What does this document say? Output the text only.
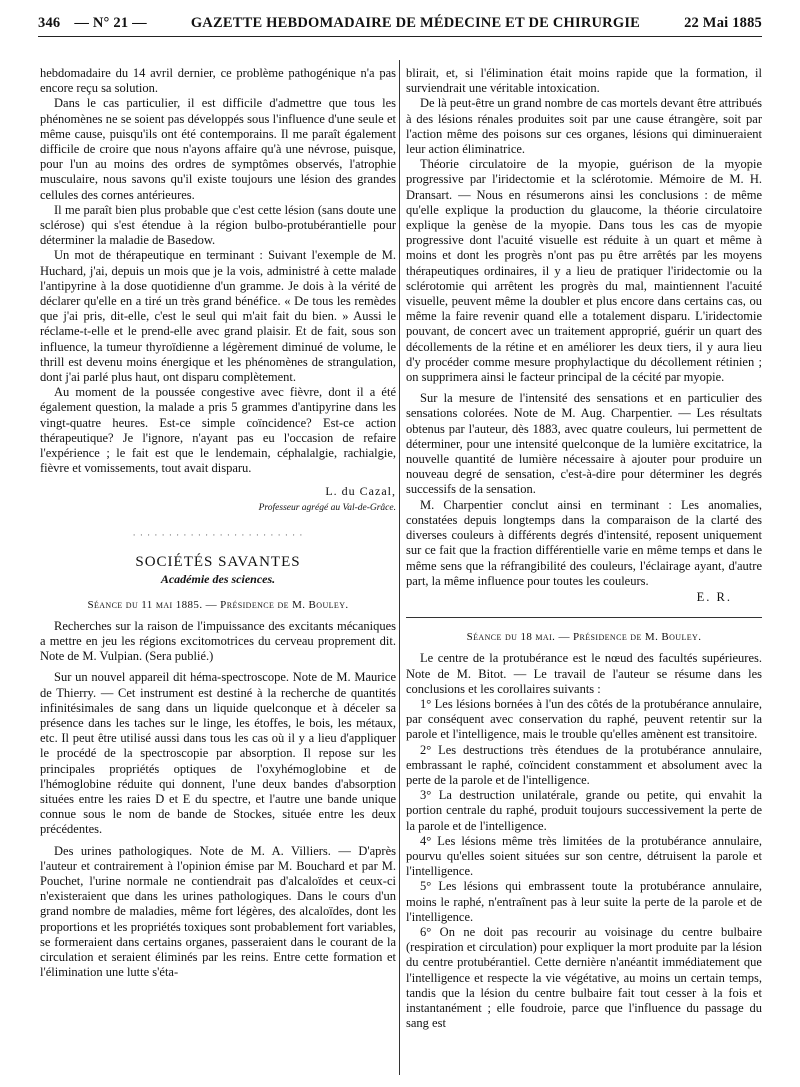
346 — N° 21 —	GAZETTE HEBDOMADAIRE DE MÉDECINE ET DE CHIRURGIE	22 Mai 1885

hebdomadaire du 14 avril dernier, ce problème pathogénique n'a pas encore reçu sa solution.

Dans le cas particulier, il est difficile d'admettre que tous les phénomènes ne se soient pas développés sous l'influence d'une seule et même cause, puisqu'ils ont été contemporains. Il me paraît également difficile de croire que nous n'ayons affaire qu'à une névrose, puisque, pour l'un au moins des ordres de symptômes observés, l'atrophie musculaire, nous savons qu'il existe toujours une lésion des grandes cellules des cornes antérieures.

Il me paraît bien plus probable que c'est cette lésion (sans doute une sclérose) qui s'est étendue à la région bulbo-protubérantielle pour déterminer la maladie de Basedow.

Un mot de thérapeutique en terminant : Suivant l'exemple de M. Huchard, j'ai, depuis un mois que je la vois, administré à cette malade l'antipyrine à la dose quotidienne d'un gramme. Je dois à la vérité de déclarer qu'elle en a tiré un très grand bénéfice. « De tous les remèdes que j'ai pris, dit-elle, c'est le seul qui m'ait fait du bien. » Aussi le réclame-t-elle et le prend-elle avec grand plaisir. Et de fait, sous son influence, la tumeur thyroïdienne a légèrement diminué de volume, le thrill est devenu moins énergique et les phénomènes de strangulation, dont j'ai parlé plus haut, ont disparu complètement.

Au moment de la poussée congestive avec fièvre, dont il a été également question, la malade a pris 5 grammes d'antipyrine dans les vingt-quatre heures. Est-ce simple coïncidence? Est-ce action thérapeutique? Je l'ignore, n'ayant pas eu l'occasion de refaire l'expérience ; le fait est que le lendemain, céphalalgie, rachialgie, fièvre et vomissements, tout avait disparu.

L. du Cazal,
Professeur agrégé au Val-de-Grâce.
· · · · · · · · · · · · · · · · · · · · · · · ·
SOCIÉTÉS SAVANTES
Académie des sciences.
Séance du 11 mai 1885. — Présidence de M. Bouley.

Recherches sur la raison de l'impuissance des excitants mécaniques a mettre en jeu les régions excitomotrices du cerveau proprement dit. Note de M. Vulpian. (Sera publié.)

Sur un nouvel appareil dit héma-spectroscope. Note de M. Maurice de Thierry. — Cet instrument est destiné à la recherche de quantités infinitésimales de sang dans un liquide quelconque et à déceler sa présence dans les taches sur le linge, les étoffes, le bois, les métaux, etc. Il peut être utilisé aussi dans tous les cas où il y a lieu d'appliquer le procédé de la spectroscopie par absorption. Il repose sur les principales propriétés optiques de l'oxyhémoglobine et de l'hémoglobine réduite qui donnent, l'une deux bandes d'absorption situées entre les raies D et E du spectre, et l'autre une bande unique connue sous le nom de bande de Stockes, située entre les deux précédentes.

Des urines pathologiques. Note de M. A. Villiers. — D'après l'auteur et contrairement à l'opinion émise par M. Bouchard et par M. Pouchet, l'urine normale ne contiendrait pas d'alcaloïdes et ceux-ci n'existeraient que dans les urines pathologiques. Dans le cours d'un grand nombre de maladies, même fort légères, des alcaloïdes, dont les proportions et les propriétés toxiques sont probablement fort variables, se formeraient dans certains organes, passeraient dans le courant de la circulation et seraient éliminés par les reins. Entre cette formation et l'élimination une lutte s'éta-

blirait, et, si l'élimination était moins rapide que la formation, il surviendrait une véritable intoxication.

De là peut-être un grand nombre de cas mortels devant être attribués à des lésions rénales produites soit par une cause étrangère, soit par l'action même des poisons sur ces organes, lésions qui diminueraient leur action éliminatrice.

Théorie circulatoire de la myopie, guérison de la myopie progressive par l'iridectomie et la sclérotomie. Mémoire de M. H. Dransart. — Nous en résumerons ainsi les conclusions : de même qu'elle explique la production du glaucome, la théorie circulatoire explique la genèse de la myopie. Dans tous les cas de myopie progressive dont l'acuité visuelle est réduite à un quart et même à moins et dont les progrès n'ont pas pu être arrêtés par les moyens thérapeutiques ordinaires, il y a lieu de pratiquer l'iridectomie ou la sclérotomie qui arrêtent les progrès du mal, maintiennent l'acuité visuelle, peuvent même la doubler et plus encore dans certains cas, ou même la faire revenir quand elle a totalement disparu. L'iridectomie pouvant, de concert avec un traitement approprié, guérir un quart des décollements de la rétine et en améliorer les deux tiers, il y aura lieu d'y procéder comme mesure prophylactique du décollement rétinien ; on supprimera ainsi le facteur principal de la cécité par myopie.

Sur la mesure de l'intensité des sensations et en particulier des sensations colorées. Note de M. Aug. Charpentier. — Les résultats obtenus par l'auteur, dès 1883, avec quatre couleurs, lui permettent de déterminer, pour une intensité quelconque de la lumière excitatrice, la nouvelle quantité de lumière nécessaire à ajouter pour produire un nouveau degré de sensation, c'est-à-dire pour déterminer les degrés successifs de la sensation.

M. Charpentier conclut ainsi en terminant : Les anomalies, constatées depuis longtemps dans la comparaison de la clarté des diverses couleurs à différents degrés d'intensité, reposent uniquement sur ce fait que la fraction différentielle varie en même temps et dans le même sens que la réfrangibilité des couleurs, l'éclairage ayant, d'autre part, la même influence pour toutes les couleurs.

E. R.
Séance du 18 mai. — Présidence de M. Bouley.

Le centre de la protubérance est le nœud des facultés supérieures. Note de M. Bitot. — Le travail de l'auteur se résume dans les conclusions et les corollaires suivants :

1° Les lésions bornées à l'un des côtés de la protubérance annulaire, par conséquent avec conservation du raphé, peuvent retentir sur la parole et l'intelligence, mais le trouble qu'elles amènent est transitoire.

2° Les destructions très étendues de la protubérance annulaire, embrassant le raphé, coïncident constamment et absolument avec la perte de la parole et de l'intelligence.

3° La destruction unilatérale, grande ou petite, qui envahit la portion centrale du raphé, produit toujours successivement la perte de la parole et de l'intelligence.

4° Les lésions même très limitées de la protubérance annulaire, pourvu qu'elles soient situées sur son centre, détruisent la parole et l'intelligence.

5° Les lésions qui embrassent toute la protubérance annulaire, moins le raphé, n'entraînent pas à leur suite la perte de la parole et de l'intelligence.

6° On ne doit pas recourir au voisinage du centre bulbaire (respiration et circulation) pour expliquer la mort produite par la lésion du centre protubérantiel. Cette dernière n'anéantit immédiatement que l'intelligence et respecte la vie végétative, au moins un certain temps, tandis que la lésion du centre bulbaire fait tout cesser à la fois et instantanément ; elle foudroie, parce que l'influence du passage du sang est
